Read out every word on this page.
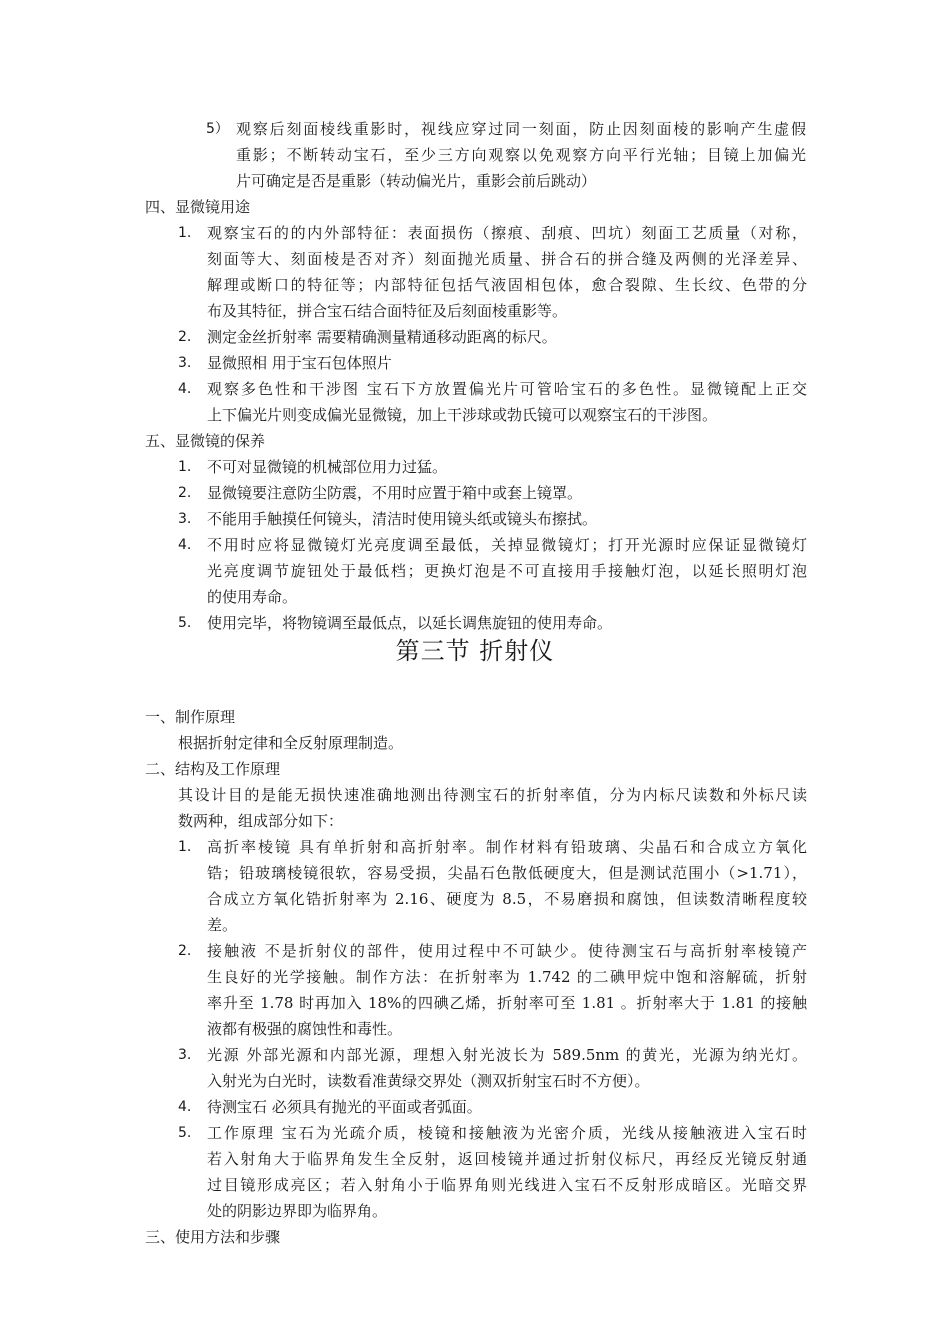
5） 观察后刻面棱线重影时，视线应穿过同一刻面，防止因刻面棱的影响产生虚假
重影；不断转动宝石，至少三方向观察以免观察方向平行光轴；目镜上加偏光
片可确定是否是重影（转动偏光片，重影会前后跳动）
四、显微镜用途
1. 观察宝石的的内外部特征：表面损伤（擦痕、刮痕、凹坑）刻面工艺质量（对称，
刻面等大、刻面棱是否对齐）刻面抛光质量、拼合石的拼合缝及两侧的光泽差异、
解理或断口的特征等；内部特征包括气液固相包体，愈合裂隙、生长纹、色带的分
布及其特征，拼合宝石结合面特征及后刻面棱重影等。
2. 测定金丝折射率 需要精确测量精通移动距离的标尺。
3. 显微照相 用于宝石包体照片
4. 观察多色性和干涉图 宝石下方放置偏光片可管哈宝石的多色性。显微镜配上正交
上下偏光片则变成偏光显微镜，加上干涉球或勃氏镜可以观察宝石的干涉图。
五、显微镜的保养
1. 不可对显微镜的机械部位用力过猛。
2. 显微镜要注意防尘防震，不用时应置于箱中或套上镜罩。
3. 不能用手触摸任何镜头，清洁时使用镜头纸或镜头布擦拭。
4. 不用时应将显微镜灯光亮度调至最低，关掉显微镜灯；打开光源时应保证显微镜灯
光亮度调节旋钮处于最低档；更换灯泡是不可直接用手接触灯泡，以延长照明灯泡
的使用寿命。
5. 使用完毕，将物镜调至最低点，以延长调焦旋钮的使用寿命。
第三节 折射仪
一、制作原理
根据折射定律和全反射原理制造。
二、结构及工作原理
其设计目的是能无损快速准确地测出待测宝石的折射率值，分为内标尺读数和外标尺读
数两种，组成部分如下：
1. 高折率棱镜 具有单折射和高折射率。制作材料有铅玻璃、尖晶石和合成立方氧化
锆；铅玻璃棱镜很软，容易受损，尖晶石色散低硬度大，但是测试范围小（>1.71），
合成立方氧化锆折射率为 2.16、硬度为 8.5，不易磨损和腐蚀，但读数清晰程度较
差。
2. 接触液 不是折射仪的部件，使用过程中不可缺少。使待测宝石与高折射率棱镜产
生良好的光学接触。制作方法：在折射率为 1.742 的二碘甲烷中饱和溶解硫，折射
率升至 1.78 时再加入 18%的四碘乙烯，折射率可至 1.81 。折射率大于 1.81 的接触
液都有极强的腐蚀性和毒性。
3. 光源 外部光源和内部光源，理想入射光波长为 589.5nm 的黄光，光源为纳光灯。
入射光为白光时，读数看准黄绿交界处（测双折射宝石时不方便）。
4. 待测宝石 必须具有抛光的平面或者弧面。
5. 工作原理 宝石为光疏介质，棱镜和接触液为光密介质，光线从接触液进入宝石时
若入射角大于临界角发生全反射，返回棱镜并通过折射仪标尺，再经反光镜反射通
过目镜形成亮区；若入射角小于临界角则光线进入宝石不反射形成暗区。光暗交界
处的阴影边界即为临界角。
三、使用方法和步骤
